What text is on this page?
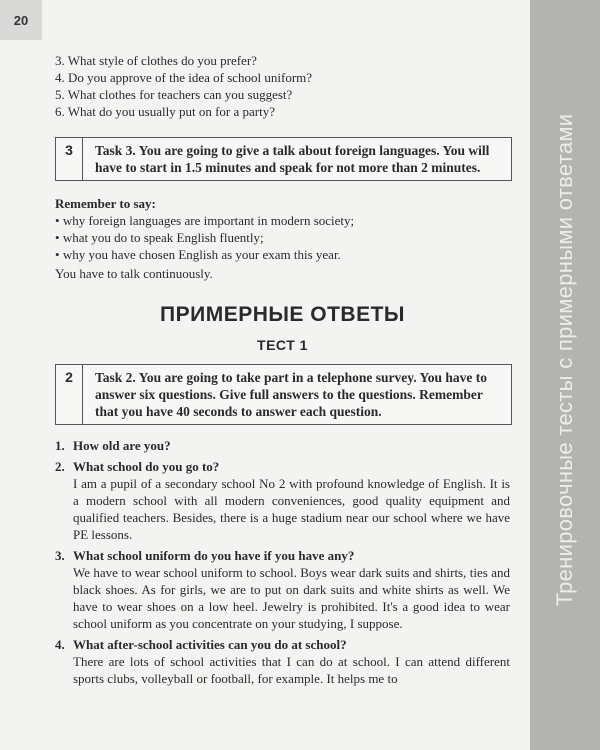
20
Тренировочные тесты с примерными ответами
3. What style of clothes do you prefer?
4. Do you approve of the idea of school uniform?
5. What clothes for teachers can you suggest?
6. What do you usually put on for a party?
3	Task 3. You are going to give a talk about foreign languages. You will have to start in 1.5 minutes and speak for not more than 2 minutes.
Remember to say:
• why foreign languages are important in modern society;
• what you do to speak English fluently;
• why you have chosen English as your exam this year.
You have to talk continuously.
ПРИМЕРНЫЕ ОТВЕТЫ
ТЕСТ 1
2	Task 2. You are going to take part in a telephone survey. You have to answer six questions. Give full answers to the questions. Remember that you have 40 seconds to answer each question.
1. How old are you?
2. What school do you go to?
I am a pupil of a secondary school No 2 with profound knowledge of English. It is a modern school with all modern conveniences, good quality equipment and qualified teachers. Besides, there is a huge stadium near our school where we have PE lessons.
3. What school uniform do you have if you have any?
We have to wear school uniform to school. Boys wear dark suits and shirts, ties and black shoes. As for girls, we are to put on dark suits and white shirts as well. We have to wear shoes on a low heel. Jewelry is prohibited. It's a good idea to wear school uniform as you concentrate on your studying, I suppose.
4. What after-school activities can you do at school?
There are lots of school activities that I can do at school. I can attend different sports clubs, volleyball or football, for example. It helps me to
